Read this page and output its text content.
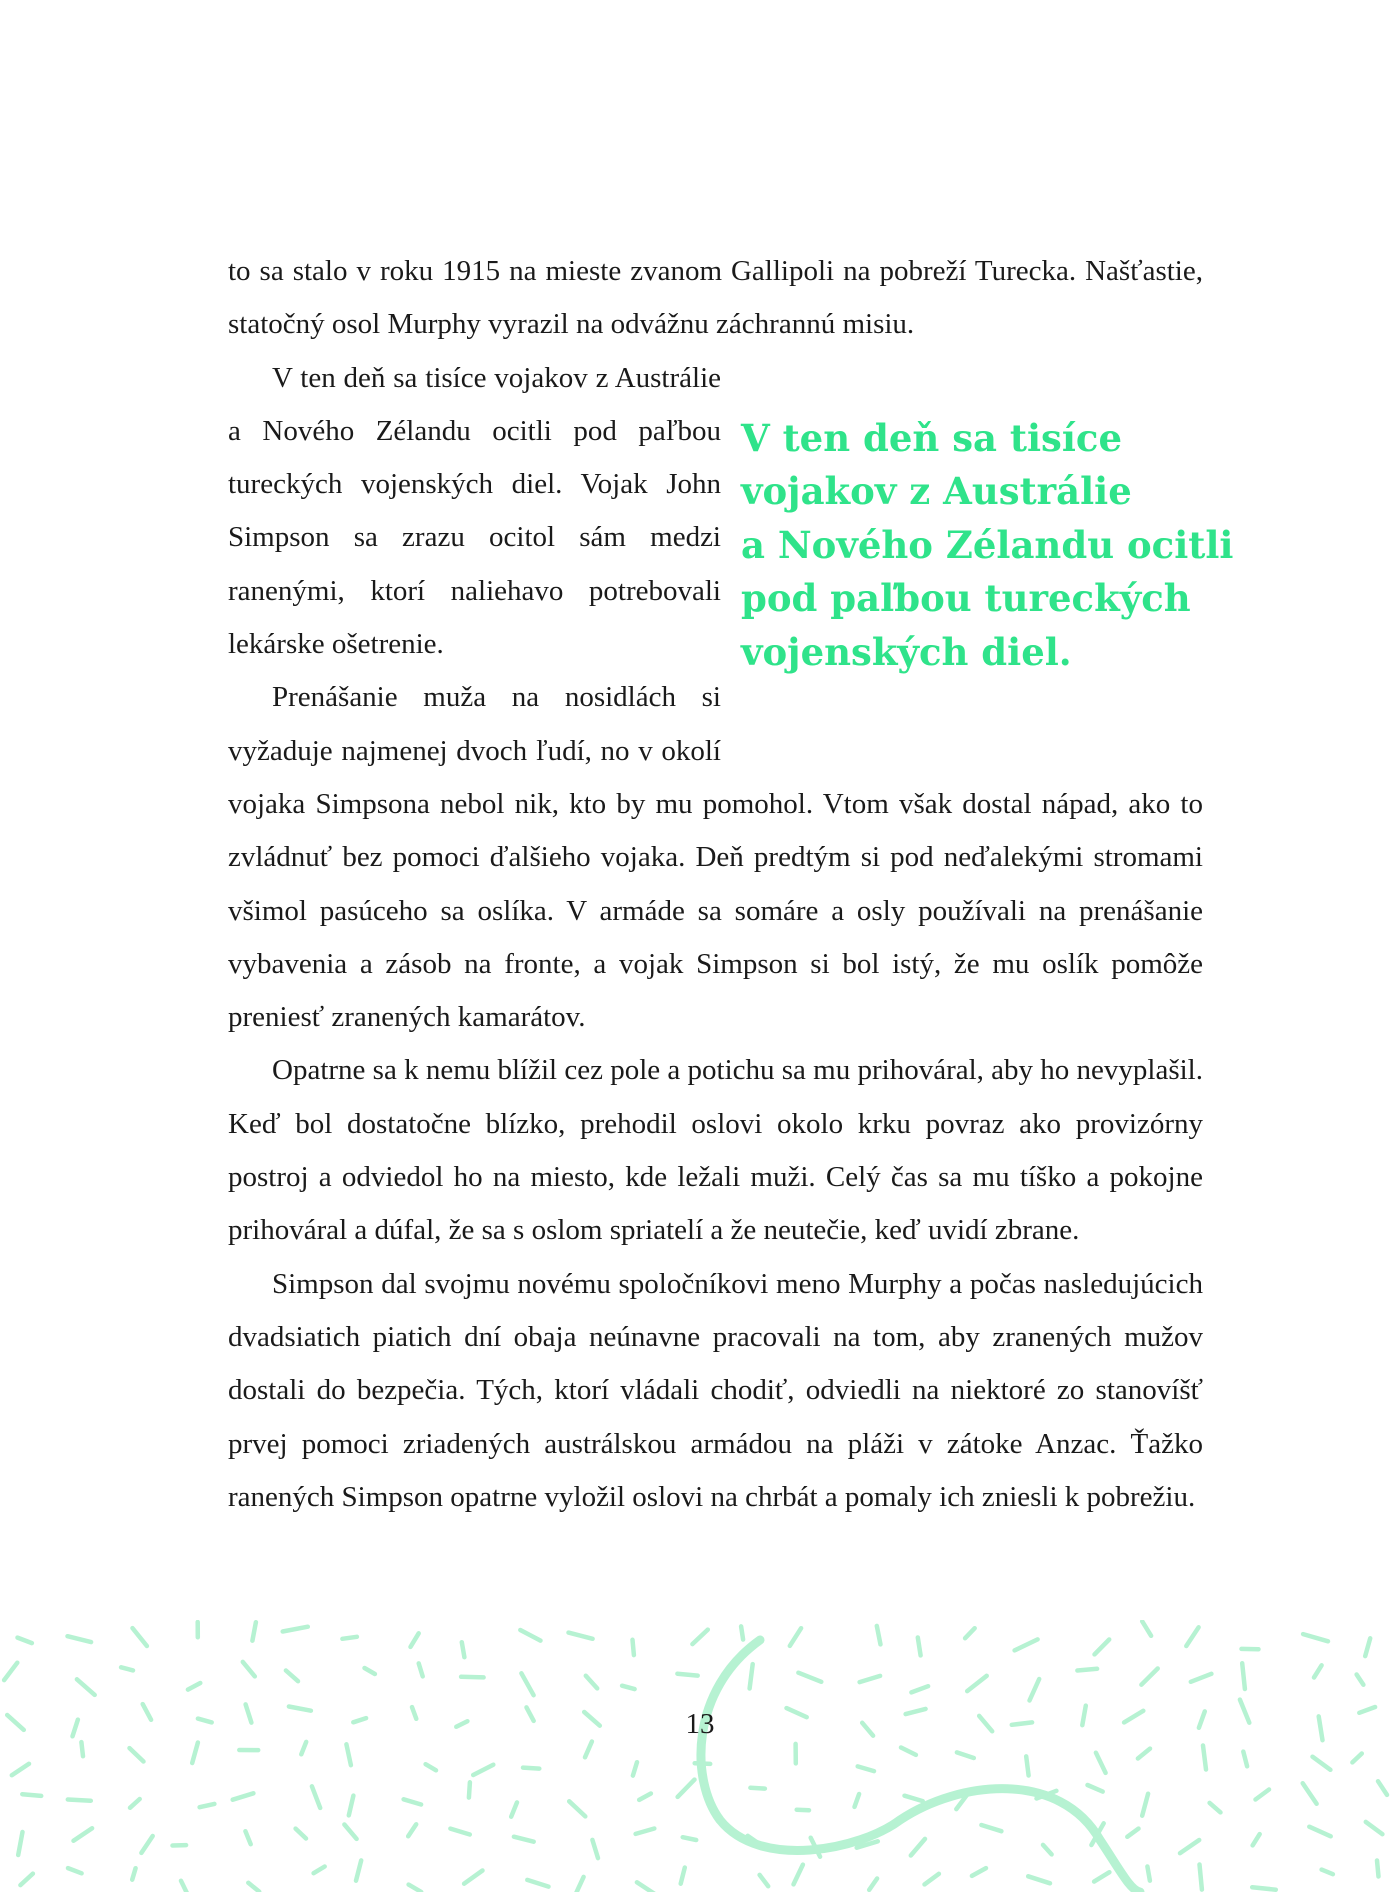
to sa stalo v roku 1915 na mieste zvanom Gallipoli na pobreží Turecka. Našťastie, statočný osol Murphy vyrazil na odvážnu záchrannú misiu.

V ten deň sa tisíce
vojakov z Austrálie
a Nového Zélandu ocitli
pod paľbou tureckých
vojenských diel.

V ten deň sa tisíce vojakov z Austrálie a Nového Zélandu ocitli pod paľbou tureckých vojenských diel. Vojak John Simpson sa zrazu ocitol sám medzi ranenými, ktorí naliehavo potrebovali lekárske ošetrenie.

Prenášanie muža na nosidlách si vyžaduje najmenej dvoch ľudí, no v okolí vojaka Simpsona nebol nik, kto by mu pomohol. Vtom však dostal nápad, ako to zvládnuť bez pomoci ďalšieho vojaka. Deň predtým si pod neďalekými stromami všimol pasúceho sa oslíka. V armáde sa somáre a osly používali na prenášanie vybavenia a zásob na fronte, a vojak Simpson si bol istý, že mu oslík pomôže preniesť zranených kamarátov.

Opatrne sa k nemu blížil cez pole a potichu sa mu prihováral, aby ho nevyplašil. Keď bol dostatočne blízko, prehodil oslovi okolo krku povraz ako provizórny postroj a odviedol ho na miesto, kde ležali muži. Celý čas sa mu tíško a pokojne prihováral a dúfal, že sa s oslom spriatelí a že neutečie, keď uvidí zbrane.

Simpson dal svojmu novému spoločníkovi meno Murphy a počas nasledujúcich dvadsiatich piatich dní obaja neúnavne pracovali na tom, aby zranených mužov dostali do bezpečia. Tých, ktorí vládali chodiť, odviedli na niektoré zo stanovíšť prvej pomoci zriadených austrálskou armádou na pláži v zátoke Anzac. Ťažko ranených Simpson opatrne vyložil oslovi na chrbát a pomaly ich zniesli k pobrežiu.

13
